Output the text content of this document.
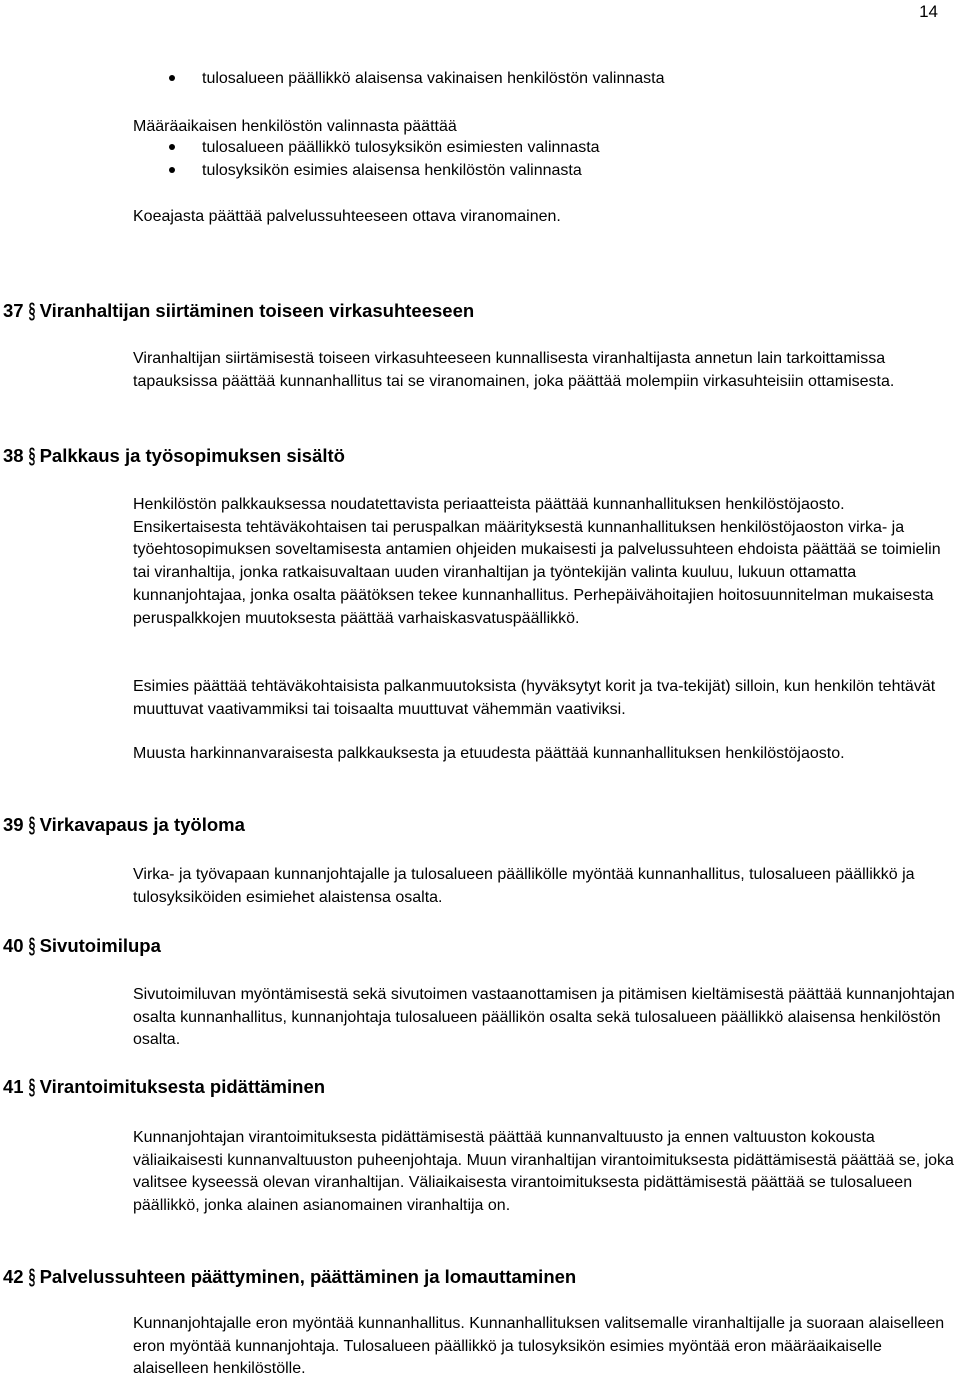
14
tulosalueen päällikkö alaisensa vakinaisen henkilöstön valinnasta
Määräaikaisen henkilöstön valinnasta päättää
tulosalueen päällikkö tulosyksikön esimiesten valinnasta
tulosyksikön esimies alaisensa henkilöstön valinnasta
Koeajasta päättää palvelussuhteeseen ottava viranomainen.
37 § Viranhaltijan siirtäminen toiseen virkasuhteeseen

Viranhaltijan siirtämisestä toiseen virkasuhteeseen kunnallisesta viranhaltijasta annetun lain tarkoittamissa tapauksissa päättää kunnanhallitus tai se viranomainen, joka päättää molempiin virkasuhteisiin ottamisesta.

38 § Palkkaus ja työsopimuksen sisältö

Henkilöstön palkkauksessa noudatettavista periaatteista päättää kunnanhallituksen henkilöstöjaosto. Ensikertaisesta tehtäväkohtaisen tai peruspalkan määrityksestä kunnanhallituksen henkilöstöjaoston virka- ja työehtosopimuksen soveltamisesta antamien ohjeiden mukaisesti ja palvelussuhteen ehdoista päättää se toimielin tai viranhaltija, jonka ratkaisuvaltaan uuden viranhaltijan ja työntekijän valinta kuuluu, lukuun ottamatta kunnanjohtajaa, jonka osalta päätöksen tekee kunnanhallitus. Perhepäivähoitajien hoitosuunnitelman mukaisesta peruspalkkojen muutoksesta päättää varhaiskasvatuspäällikkö.

Esimies päättää tehtäväkohtaisista palkanmuutoksista (hyväksytyt korit ja tva-tekijät) silloin, kun henkilön tehtävät muuttuvat vaativammiksi tai toisaalta muuttuvat vähemmän vaativiksi.

Muusta harkinnanvaraisesta palkkauksesta ja etuudesta päättää kunnanhallituksen henkilöstöjaosto.

39 § Virkavapaus ja työloma

Virka- ja työvapaan kunnanjohtajalle ja tulosalueen päällikölle myöntää kunnanhallitus, tulosalueen päällikkö ja tulosyksiköiden esimiehet alaistensa osalta.

40 § Sivutoimilupa

Sivutoimiluvan myöntämisestä sekä sivutoimen vastaanottamisen ja pitämisen kieltämisestä päättää kunnanjohtajan osalta kunnanhallitus, kunnanjohtaja tulosalueen päällikön osalta sekä tulosalueen päällikkö alaisensa henkilöstön osalta.

41 § Virantoimituksesta pidättäminen

Kunnanjohtajan virantoimituksesta pidättämisestä päättää kunnanvaltuusto ja ennen valtuuston kokousta väliaikaisesti kunnanvaltuuston puheenjohtaja. Muun viranhaltijan virantoimituksesta pidättämisestä päättää se, joka valitsee kyseessä olevan viranhaltijan. Väliaikaisesta virantoimituksesta pidättämisestä päättää se tulosalueen päällikkö, jonka alainen asianomainen viranhaltija on.

42 § Palvelussuhteen päättyminen, päättäminen ja lomauttaminen

Kunnanjohtajalle eron myöntää kunnanhallitus. Kunnanhallituksen valitsemalle viranhaltijalle ja suoraan alaiselleen eron myöntää kunnanjohtaja. Tulosalueen päällikkö ja tulosyksikön esimies myöntää eron määräaikaiselle alaiselleen henkilöstölle.
